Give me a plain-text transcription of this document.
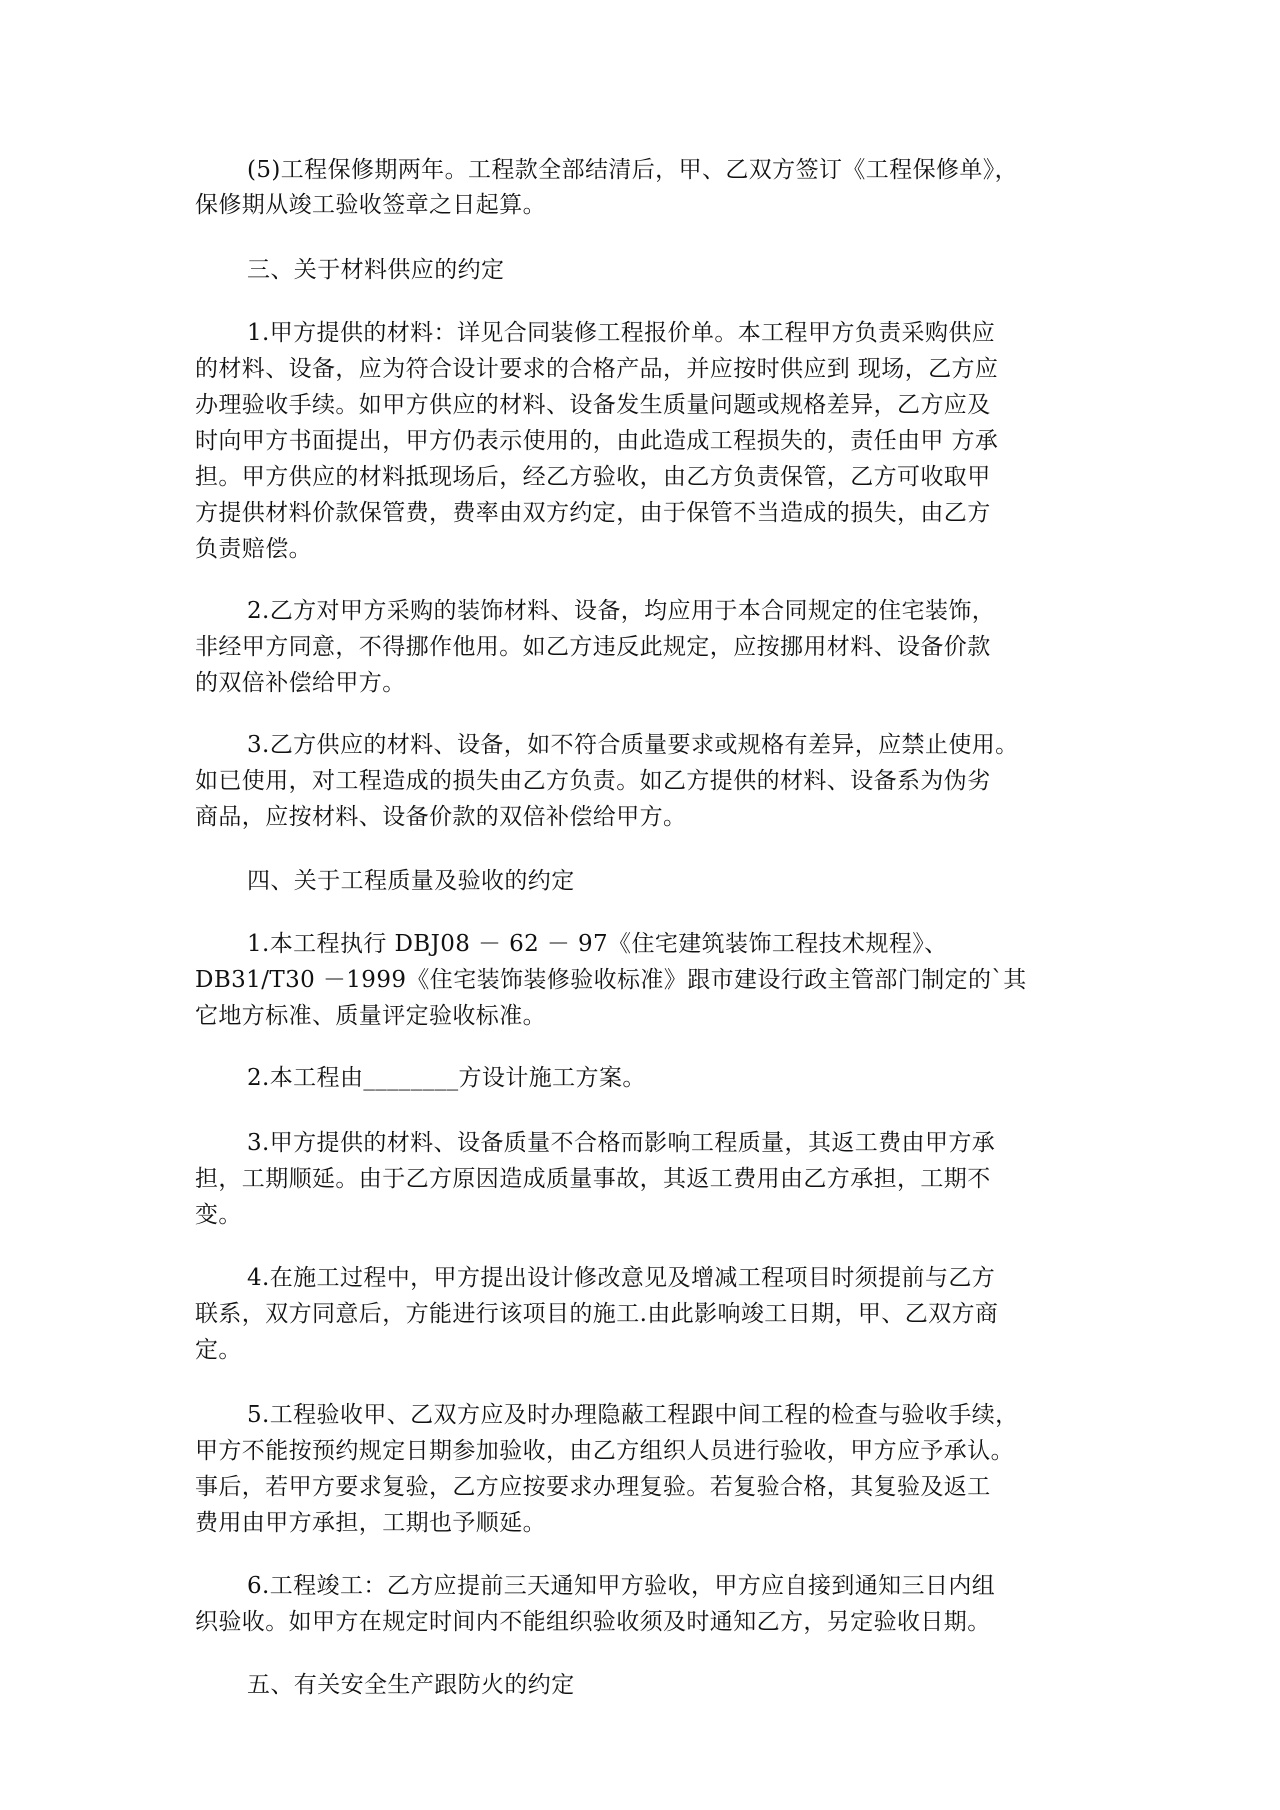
(5)工程保修期两年。工程款全部结清后，甲、乙双方签订《工程保修单》，
保修期从竣工验收签章之日起算。
三、关于材料供应的约定
1.甲方提供的材料：详见合同装修工程报价单。本工程甲方负责采购供应
的材料、设备，应为符合设计要求的合格产品，并应按时供应到 现场，乙方应
办理验收手续。如甲方供应的材料、设备发生质量问题或规格差异，乙方应及
时向甲方书面提出，甲方仍表示使用的，由此造成工程损失的，责任由甲 方承
担。甲方供应的材料抵现场后，经乙方验收，由乙方负责保管，乙方可收取甲
方提供材料价款保管费，费率由双方约定，由于保管不当造成的损失，由乙方
负责赔偿。
2.乙方对甲方采购的装饰材料、设备，均应用于本合同规定的住宅装饰，
非经甲方同意，不得挪作他用。如乙方违反此规定，应按挪用材料、设备价款
的双倍补偿给甲方。
3.乙方供应的材料、设备，如不符合质量要求或规格有差异，应禁止使用。
如已使用，对工程造成的损失由乙方负责。如乙方提供的材料、设备系为伪劣
商品，应按材料、设备价款的双倍补偿给甲方。
四、关于工程质量及验收的约定
1.本工程执行 DBJ08 － 62 － 97《住宅建筑装饰工程技术规程》、
DB31/T30 －1999《住宅装饰装修验收标准》跟市建设行政主管部门制定的`其
它地方标准、质量评定验收标准。
2.本工程由________方设计施工方案。
3.甲方提供的材料、设备质量不合格而影响工程质量，其返工费由甲方承
担，工期顺延。由于乙方原因造成质量事故，其返工费用由乙方承担，工期不
变。
4.在施工过程中，甲方提出设计修改意见及增减工程项目时须提前与乙方
联系，双方同意后，方能进行该项目的施工.由此影响竣工日期，甲、乙双方商
定。
5.工程验收甲、乙双方应及时办理隐蔽工程跟中间工程的检查与验收手续，
甲方不能按预约规定日期参加验收，由乙方组织人员进行验收，甲方应予承认。
事后，若甲方要求复验，乙方应按要求办理复验。若复验合格，其复验及返工
费用由甲方承担，工期也予顺延。
6.工程竣工：乙方应提前三天通知甲方验收，甲方应自接到通知三日内组
织验收。如甲方在规定时间内不能组织验收须及时通知乙方，另定验收日期。
五、有关安全生产跟防火的约定
